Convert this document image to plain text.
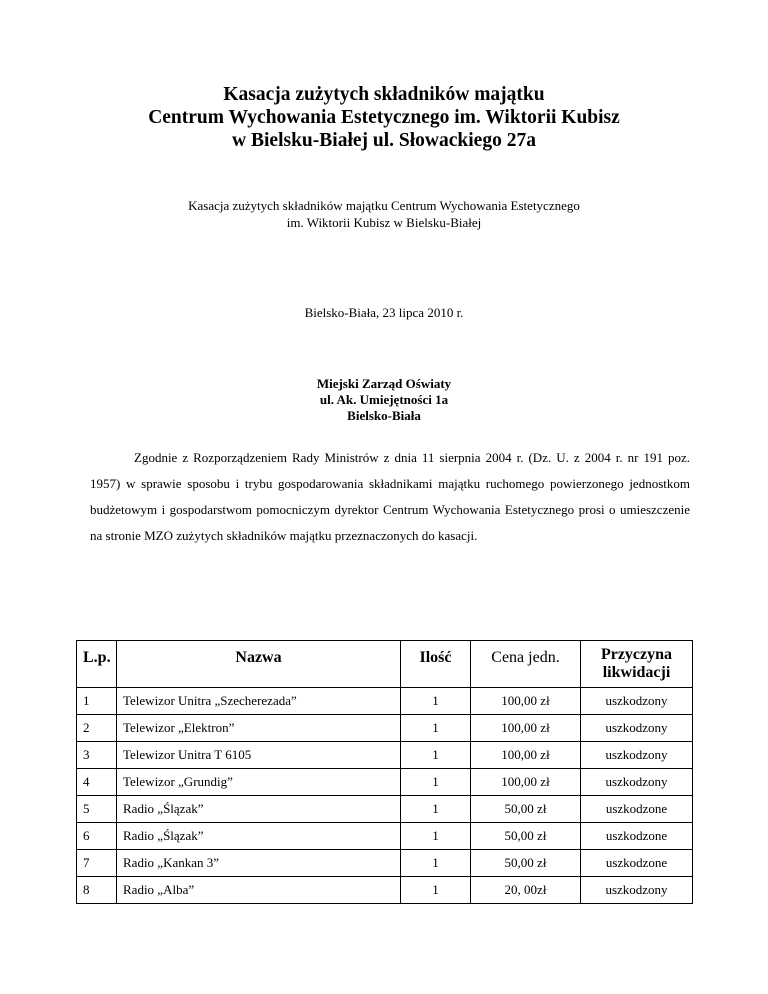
Kasacja zużytych składników majątku
Centrum Wychowania Estetycznego im. Wiktorii Kubisz
w Bielsku-Białej ul. Słowackiego 27a
Kasacja zużytych składników majątku Centrum Wychowania Estetycznego
im. Wiktorii Kubisz w Bielsku-Białej
Bielsko-Biała, 23 lipca 2010 r.
Miejski Zarząd Oświaty
ul. Ak. Umiejętności 1a
Bielsko-Biała

Zgodnie z Rozporządzeniem Rady Ministrów z dnia 11 sierpnia 2004 r. (Dz. U. z 2004 r. nr 191 poz. 1957) w sprawie sposobu i trybu gospodarowania składnikami majątku ruchomego powierzonego jednostkom budżetowym i gospodarstwom pomocniczym dyrektor Centrum Wychowania Estetycznego prosi o umieszczenie na stronie MZO zużytych składników majątku przeznaczonych do kasacji.

L.p.	Nazwa	Ilość	Cena jedn.	Przyczyna likwidacji
1	Telewizor Unitra „Szecherezada”	1	100,00 zł	uszkodzony
2	Telewizor „Elektron”	1	100,00 zł	uszkodzony
3	Telewizor Unitra T 6105	1	100,00 zł	uszkodzony
4	Telewizor „Grundig”	1	100,00 zł	uszkodzony
5	Radio „Ślązak”	1	50,00 zł	uszkodzone
6	Radio „Ślązak”	1	50,00 zł	uszkodzone
7	Radio „Kankan 3”	1	50,00 zł	uszkodzone
8	Radio „Alba”	1	20, 00zł	uszkodzony
